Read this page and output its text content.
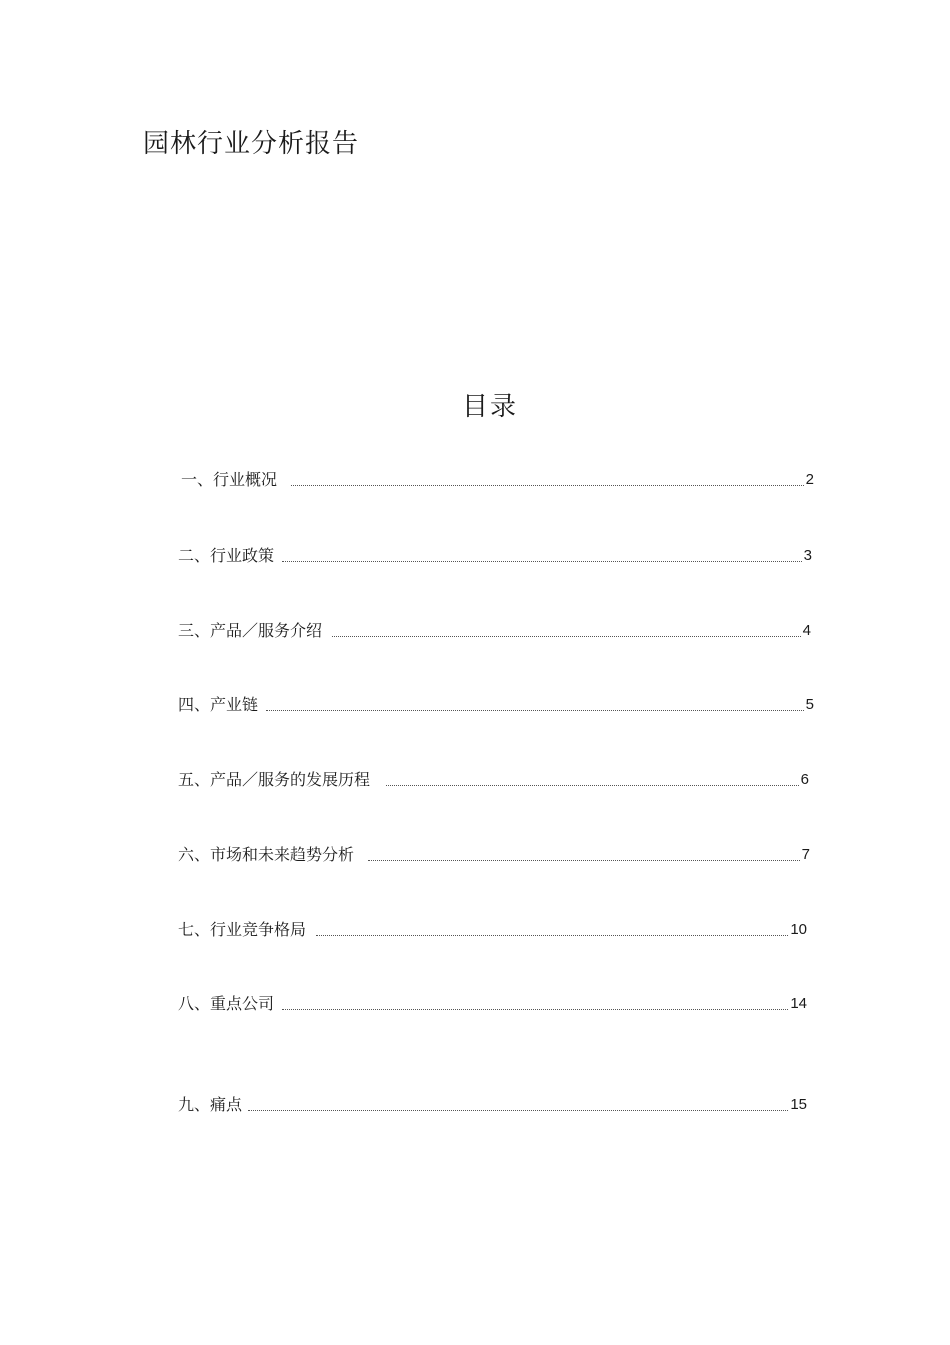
园林行业分析报告
目录
一、行业概况	2
二、行业政策	3
三、产品／服务介绍	4
四、产业链	5
五、产品／服务的发展历程	6
六、市场和未来趋势分析	7
七、行业竞争格局	10
八、重点公司	14
九、痛点	15
